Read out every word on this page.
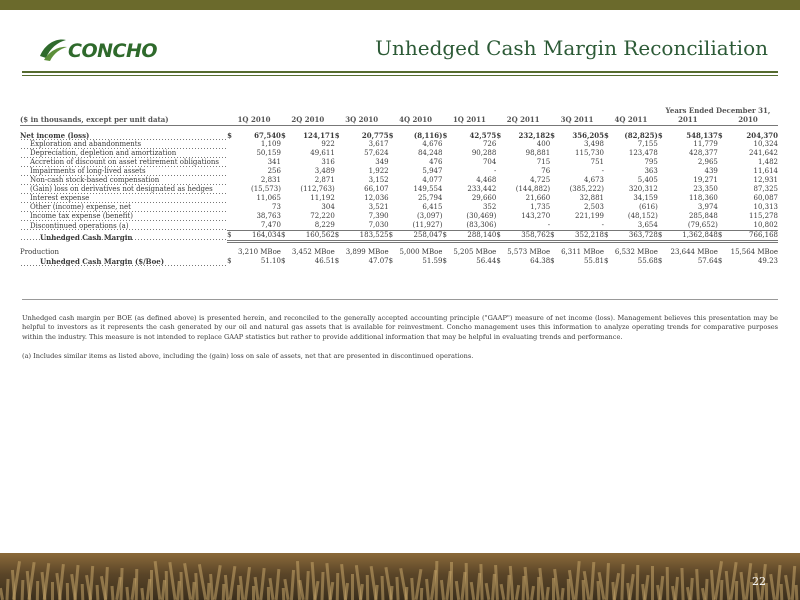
CONCHO	Unhedged Cash Margin Reconciliation
																	Years Ended December 31,			
($ in thousands, except per unit data)	1Q 2010		2Q 2010		3Q 2010		4Q 2010		1Q 2011		2Q 2011		3Q 2011		4Q 2011		2011		2010	

Net income (loss)	$	67,540	$	124,171	$	20,775	$	(8,116)	$	42,575	$	232,182	$	356,205	$	(82,825)	$	548,137	$	204,370
Exploration and abandonments		1,109		922		3,617		4,676		726		400		3,498		7,155		11,779		10,324
Depreciation, depletion and amortization		50,159		49,611		57,624		84,248		90,288		98,881		115,730		123,478		428,377		241,642
Accretion of discount on asset retirement obligations		341		316		349		476		704		715		751		795		2,965		1,482
Impairments of long-lived assets		256		3,489		1,922		5,947		-		76		-		363		439		11,614
Non-cash stock-based compensation		2,831		2,871		3,152		4,077		4,468		4,725		4,673		5,405		19,271		12,931
(Gain) loss on derivatives not designated as hedges		(15,573)		(112,763)		66,107		149,554		233,442		(144,882)		(385,222)		320,312		23,350		87,325
Interest expense		11,065		11,192		12,036		25,794		29,660		21,660		32,881		34,159		118,360		60,087
Other (income) expense, net		73		304		3,521		6,415		352		1,735		2,503		(616)		3,974		10,313
Income tax expense (benefit)		38,763		72,220		7,390		(3,097)		(30,469)		143,270		221,199		(48,152)		285,848		115,278
Discontinued operations (a)		7,470		8,229		7,030		(11,927)		(83,306)		-		-		3,654		(79,652)		10,802
Unhedged Cash Margin	$	164,034	$	160,562	$	183,525	$	258,047	$	288,140	$	358,762	$	352,218	$	363,728	$	1,362,848	$	766,168

Production		3,210 MBoe		3,452 MBoe		3,899 MBoe		5,000 MBoe		5,205 MBoe		5,573 MBoe		6,311 MBoe		6,532 MBoe		23,644 MBoe		15,564 MBoe
Unhedged Cash Margin ($/Boe)	$	51.10	$	46.51	$	47.07	$	51.59	$	56.44	$	64.38	$	55.81	$	55.68	$	57.64	$	49.23
Unhedged cash margin per BOE (as defined above) is presented herein, and reconciled to the generally accepted accounting principle ("GAAP") measure of net income (loss). Management believes this presentation may be helpful to investors as it represents the cash generated by our oil and natural gas assets that is available for reinvestment. Concho management uses this information to analyze operating trends for comparative purposes within the industry. This measure is not intended to replace GAAP statistics but rather to provide additional information that may be helpful in evaluating trends and performance.
(a) Includes similar items as listed above, including the (gain) loss on sale of assets, net that are presented in discontinued operations.
22
